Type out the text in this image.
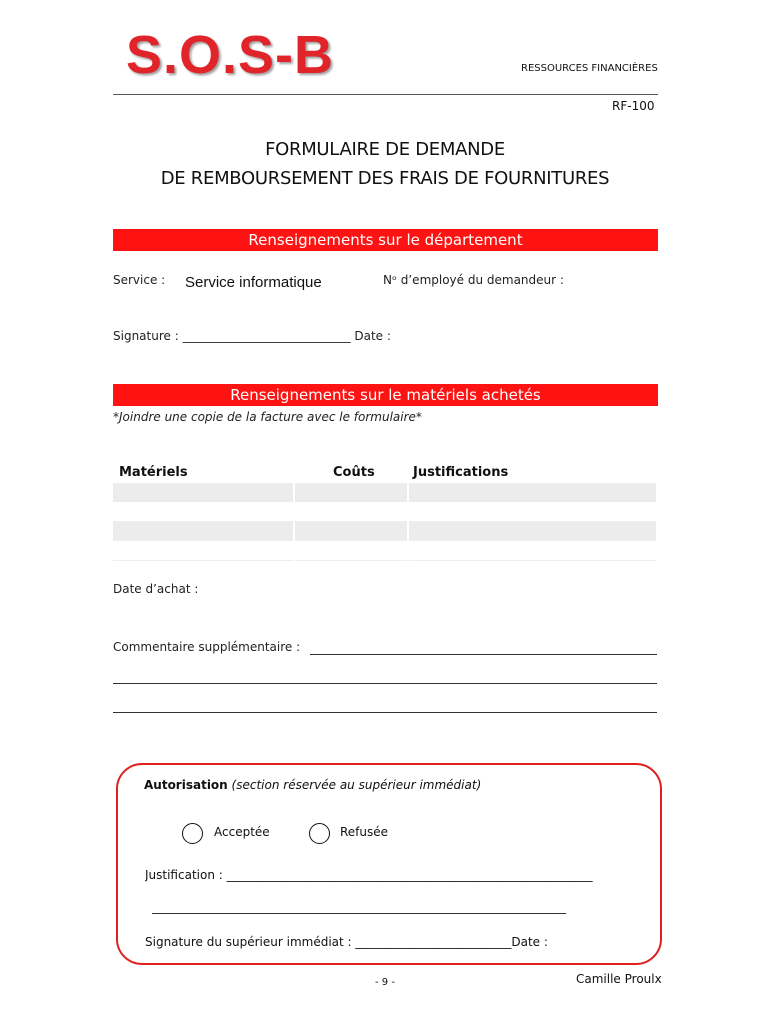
S.O.S-B	RESSOURCES FINANCIÈRES
RF-100
FORMULAIRE DE DEMANDE
DE REMBOURSEMENT DES FRAIS DE FOURNITURES
Renseignements sur le département
Service : Service informatique	Nᵒ d’employé du demandeur :
Signature : ____________________________ Date :
Renseignements sur le matériels achetés
*Joindre une copie de la facture avec le formulaire*
Matériels	Coûts	Justifications
Date d’achat :
Commentaire supplémentaire :
Autorisation (section réservée au supérieur immédiat)
Acceptée	Refusée
Justification : _____________________________________________________________
_____________________________________________________________________
Signature du supérieur immédiat : __________________________Date :
- 9 -	Camille Proulx
